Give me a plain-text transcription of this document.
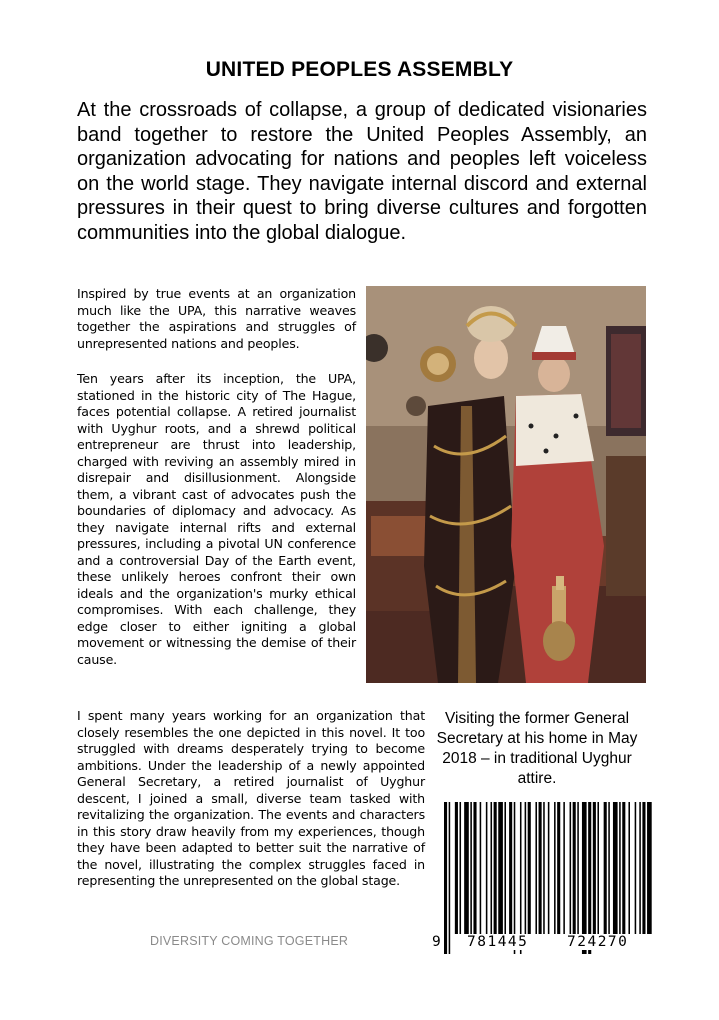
UNITED PEOPLES ASSEMBLY
At the crossroads of collapse, a group of dedicated visionaries band together to restore the United Peoples Assembly, an organization advocating for nations and peoples left voiceless on the world stage. They navigate internal discord and external pressures in their quest to bring diverse cultures and forgotten communities into the global dialogue.
Inspired by true events at an organization much like the UPA, this narrative weaves together the aspirations and struggles of unrepresented nations and peoples.
Ten years after its inception, the UPA, stationed in the historic city of The Hague, faces potential collapse. A retired journalist with Uyghur roots, and a shrewd political entrepreneur are thrust into leadership, charged with reviving an assembly mired in disrepair and disillusionment. Alongside them, a vibrant cast of advocates push the boundaries of diplomacy and advocacy. As they navigate internal rifts and external pressures, including a pivotal UN conference and a controversial Day of the Earth event, these unlikely heroes confront their own ideals and the organization's murky ethical compromises. With each challenge, they edge closer to either igniting a global movement or witnessing the demise of their cause.
I spent many years working for an organization that closely resembles the one depicted in this novel. It too struggled with dreams desperately trying to become ambitions. Under the leadership of a newly appointed General Secretary, a retired journalist of Uyghur descent, I joined a small, diverse team tasked with revitalizing the organization. The events and characters in this story draw heavily from my experiences, though they have been adapted to better suit the narrative of the novel, illustrating the complex struggles faced in representing the unrepresented on the global stage.
Visiting the former General Secretary at his home in May 2018 – in traditional Uyghur attire.
DIVERSITY COMING TOGETHER	9 781445	724270
